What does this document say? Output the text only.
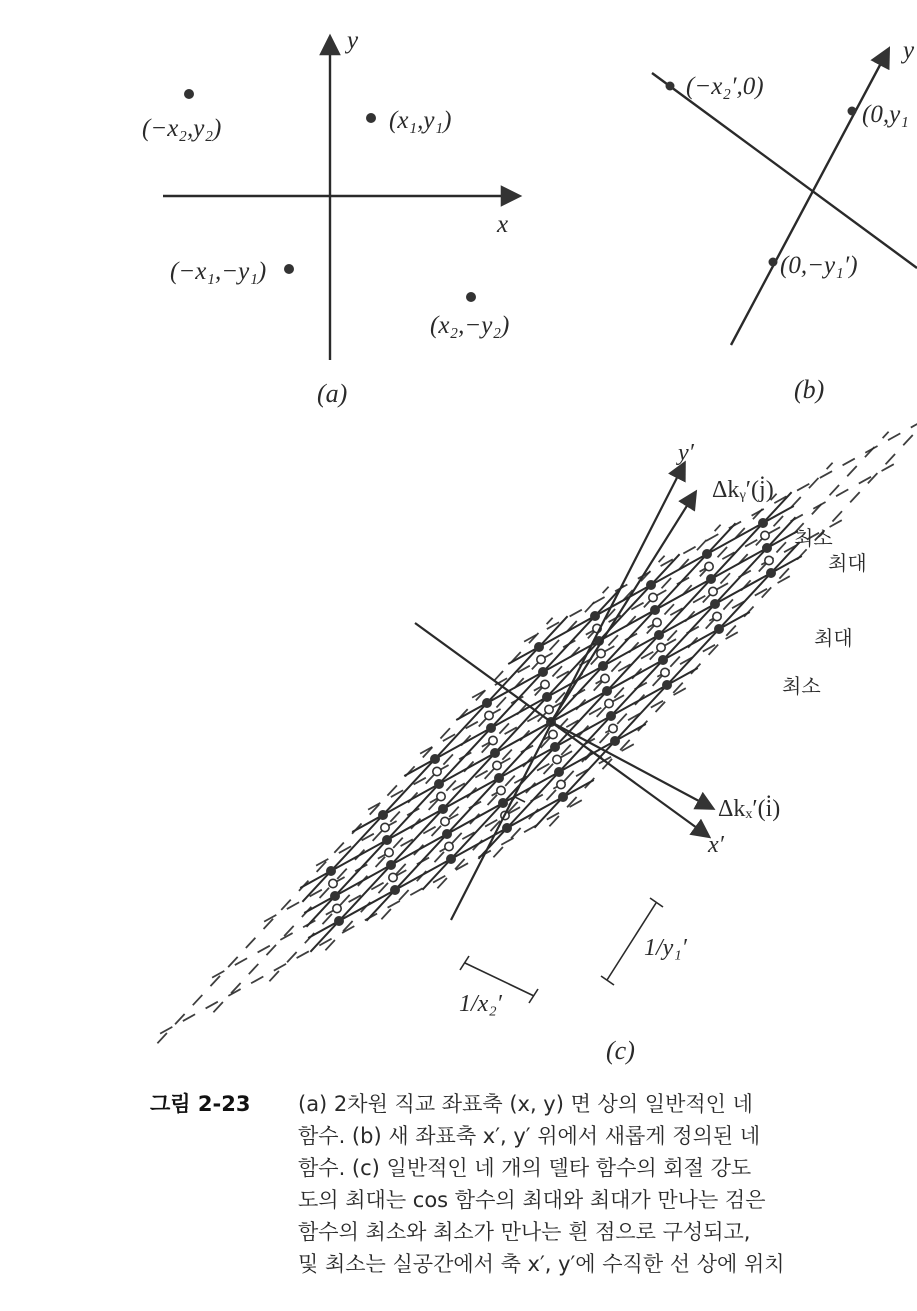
y
x
(x₁,y₁)
(−x₂,y₂)
(−x₁,−y₁)
(x₂,−y₂)
(a)
y
(−x₂′,0)
(0,y₁
(0,−y₁′)
(b)
y′
x′
Δkᵧ′(j̇)
Δkₓ′(i̇)
1/y₁′
1/x₂′
(c)
최소
최대
최대
최소
그림 2-23 (a) 2차원 직교 좌표축 (x, y) 면 상의 일반적인 네
함수. (b) 새 좌표축 x′, y′ 위에서 새롭게 정의된 네
함수. (c) 일반적인 네 개의 델타 함수의 회절 강도
도의 최대는 cos 함수의 최대와 최대가 만나는 검은
함수의 최소와 최소가 만나는 흰 점으로 구성되고,
및 최소는 실공간에서 축 x′, y′에 수직한 선 상에 위치
